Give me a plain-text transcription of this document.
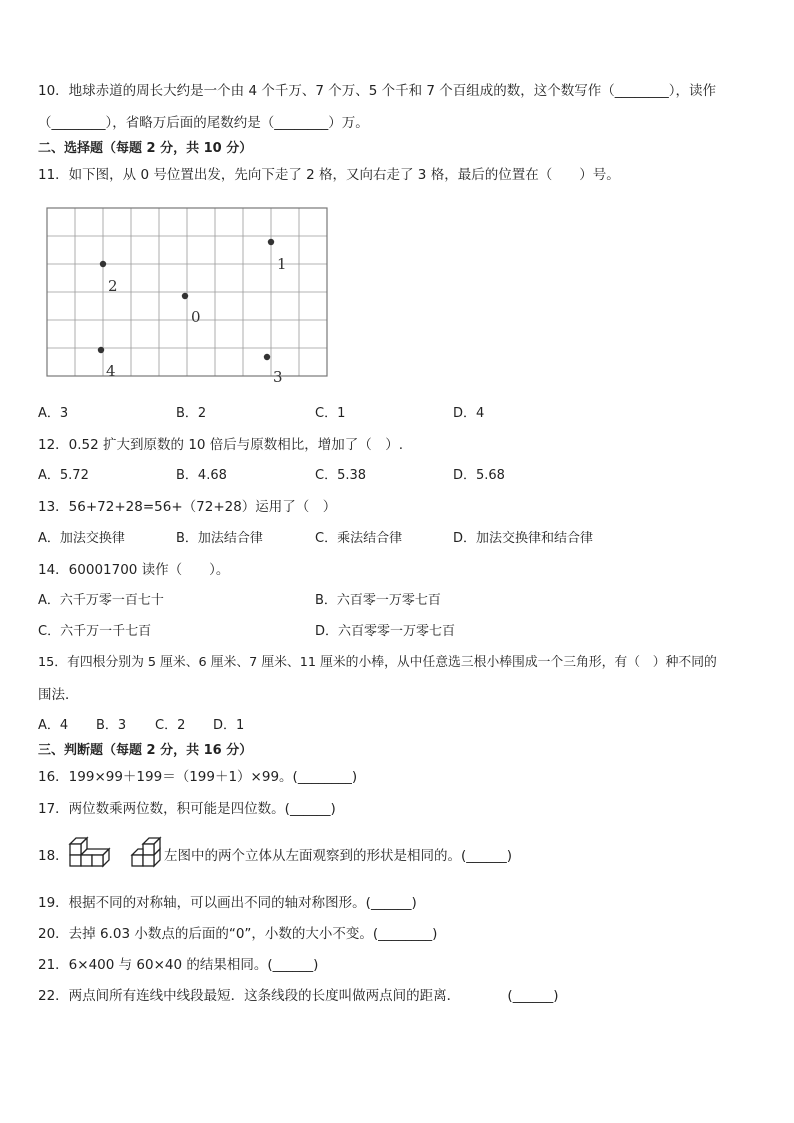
10．地球赤道的周长大约是一个由 4 个千万、7 个万、5 个千和 7 个百组成的数，这个数写作（________），读作
（________），省略万后面的尾数约是（________）万。
二、选择题（每题 2 分，共 10 分）
11．如下图，从 0 号位置出发，先向下走了 2 格，又向右走了 3 格，最后的位置在（　　）号。
2
0
1
4	3
A．3	B．2	C．1	D．4
12．0.52 扩大到原数的 10 倍后与原数相比，增加了（　）.
A．5.72	B．4.68	C．5.38	D．5.68
13．56+72+28=56+（72+28）运用了（　）
A．加法交换律	B．加法结合律	C．乘法结合律	D．加法交换律和结合律
14．60001700 读作（　　）。
A．六千万零一百七十	B．六百零一万零七百
C．六千万一千七百	D．六百零零一万零七百
15．有四根分别为 5 厘米、6 厘米、7 厘米、11 厘米的小棒，从中任意选三根小棒围成一个三角形，有（　）种不同的
围法．
A．4 B．3 C．2 D．1
三、判断题（每题 2 分，共 16 分）
16．199×99＋199＝（199＋1）×99。(________)
17．两位数乘两位数，积可能是四位数。(______)
18．	左图中的两个立体从左面观察到的形状是相同的。(______)
19．根据不同的对称轴，可以画出不同的轴对称图形。(______)
20．去掉 6.03 小数点的后面的“0”，小数的大小不变。(________)
21．6×400 与 60×40 的结果相同。(______)
22．两点间所有连线中线段最短．这条线段的长度叫做两点间的距离．　　　　(______)
